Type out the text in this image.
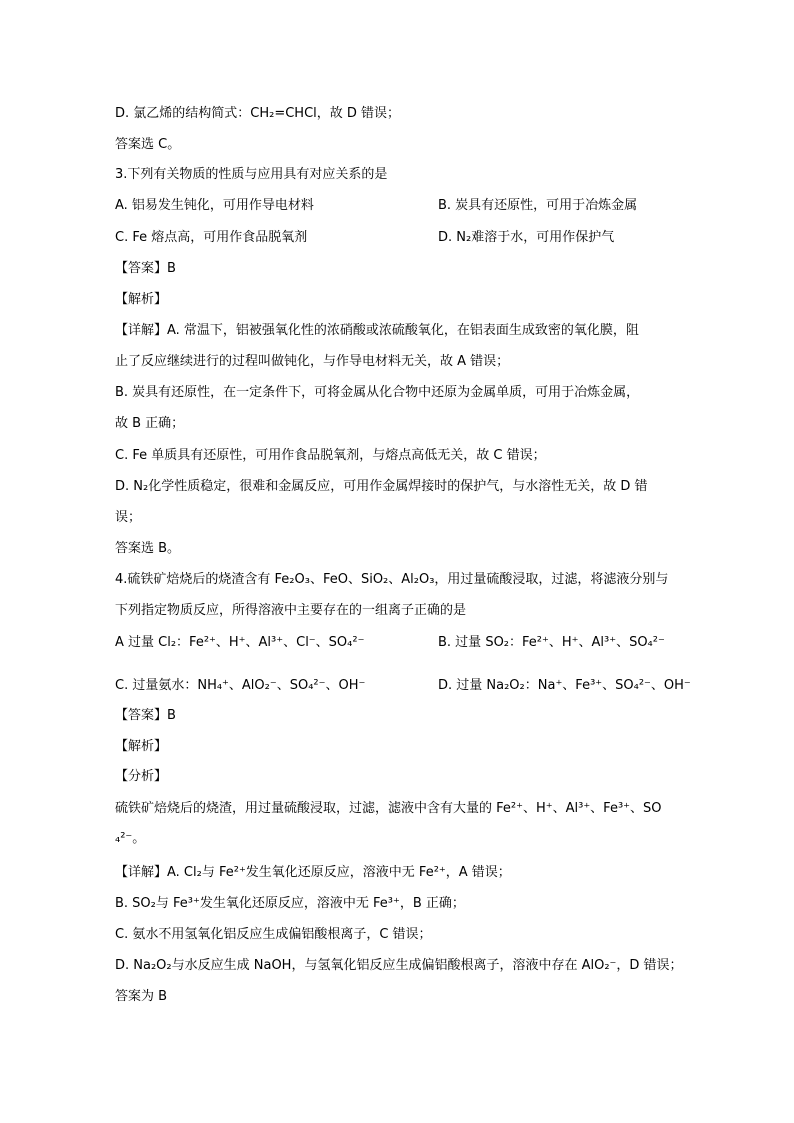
D. 氯乙烯的结构简式：CH₂=CHCl，故 D 错误；
答案选 C。
3.下列有关物质的性质与应用具有对应关系的是
A. 铝易发生钝化，可用作导电材料	B. 炭具有还原性，可用于冶炼金属
C. Fe 熔点高，可用作食品脱氧剂	D. N₂难溶于水，可用作保护气
【答案】B
【解析】
【详解】A. 常温下，铝被强氧化性的浓硝酸或浓硫酸氧化，在铝表面生成致密的氧化膜，阻
止了反应继续进行的过程叫做钝化，与作导电材料无关，故 A 错误；
B. 炭具有还原性，在一定条件下，可将金属从化合物中还原为金属单质，可用于冶炼金属，
故 B 正确；
C. Fe 单质具有还原性，可用作食品脱氧剂，与熔点高低无关，故 C 错误；
D. N₂化学性质稳定，很难和金属反应，可用作金属焊接时的保护气，与水溶性无关，故 D 错
误；
答案选 B。
4.硫铁矿焙烧后的烧渣含有 Fe₂O₃、FeO、SiO₂、Al₂O₃，用过量硫酸浸取，过滤，将滤液分别与
下列指定物质反应，所得溶液中主要存在的一组离子正确的是
A 过量 Cl₂：Fe²⁺、H⁺、Al³⁺、Cl⁻、SO₄²⁻	B. 过量 SO₂：Fe²⁺、H⁺、Al³⁺、SO₄²⁻
C. 过量氨水：NH₄⁺、AlO₂⁻、SO₄²⁻、OH⁻	D. 过量 Na₂O₂：Na⁺、Fe³⁺、SO₄²⁻、OH⁻
【答案】B
【解析】
【分析】
硫铁矿焙烧后的烧渣，用过量硫酸浸取，过滤，滤液中含有大量的 Fe²⁺、H⁺、Al³⁺、Fe³⁺、SO
₄²⁻。
【详解】A. Cl₂与 Fe²⁺发生氧化还原反应，溶液中无 Fe²⁺，A 错误；
B. SO₂与 Fe³⁺发生氧化还原反应，溶液中无 Fe³⁺，B 正确；
C. 氨水不用氢氧化铝反应生成偏铝酸根离子，C 错误；
D. Na₂O₂与水反应生成 NaOH，与氢氧化铝反应生成偏铝酸根离子，溶液中存在 AlO₂⁻，D 错误；
答案为 B
